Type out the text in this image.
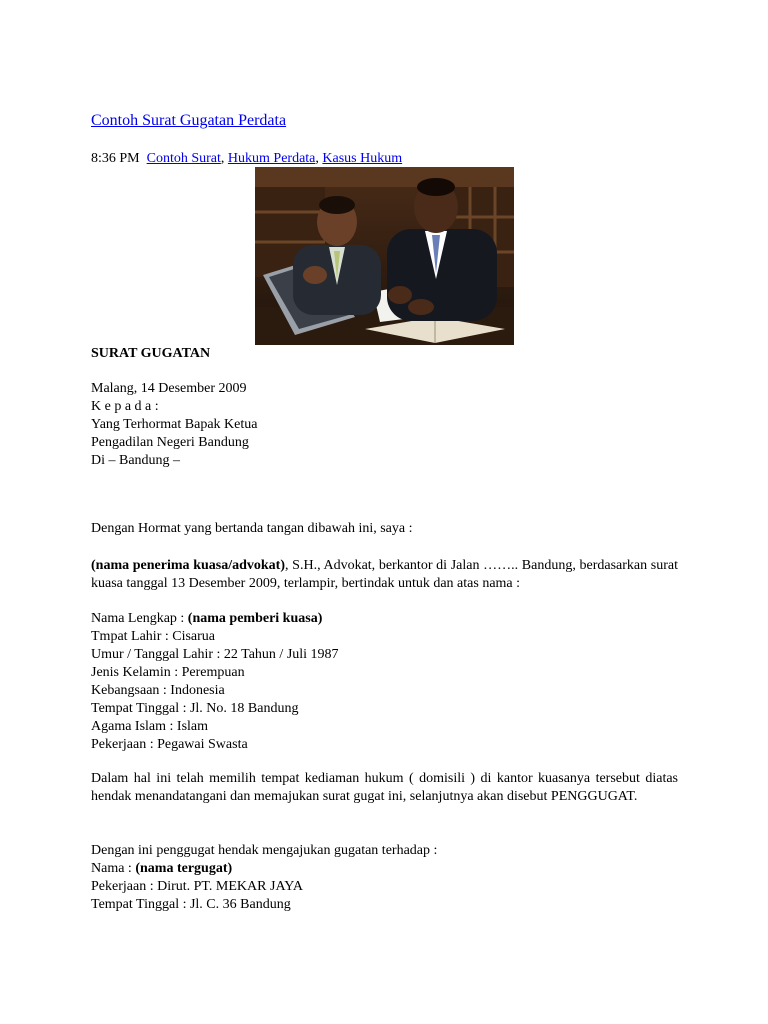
Contoh Surat Gugatan Perdata
8:36 PM Contoh Surat, Hukum Perdata, Kasus Hukum

SURAT GUGATAN

Malang, 14 Desember 2009

K e p a d a :

Yang Terhormat Bapak Ketua

Pengadilan Negeri Bandung

Di – Bandung –

Dengan Hormat yang bertanda tangan dibawah ini, saya :

(nama penerima kuasa/advokat), S.H., Advokat, berkantor di Jalan …….. Bandung, berdasarkan surat kuasa tanggal 13 Desember 2009, terlampir, bertindak untuk dan atas nama :

Nama Lengkap : (nama pemberi kuasa)

Tmpat Lahir : Cisarua

Umur / Tanggal Lahir : 22 Tahun / Juli 1987

Jenis Kelamin : Perempuan

Kebangsaan : Indonesia

Tempat Tinggal : Jl. No. 18 Bandung

Agama Islam : Islam

Pekerjaan : Pegawai Swasta

Dalam hal ini telah memilih tempat kediaman hukum ( domisili ) di kantor kuasanya tersebut diatas hendak menandatangani dan memajukan surat gugat ini, selanjutnya akan disebut PENGGUGAT.

Dengan ini penggugat hendak mengajukan gugatan terhadap :

Nama : (nama tergugat)

Pekerjaan : Dirut. PT. MEKAR JAYA

Tempat Tinggal : Jl. C. 36 Bandung
